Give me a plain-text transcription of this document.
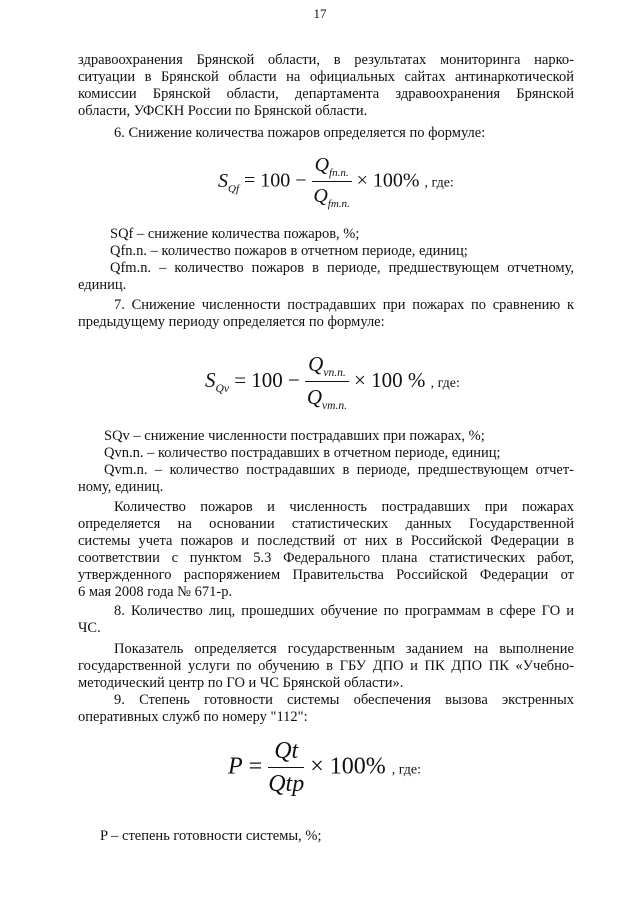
17
здравоохранения Брянской области, в результатах мониторинга нарко-
ситуации в Брянской области на официальных сайтах антинаркотической
комиссии Брянской области, департамента здравоохранения Брянской
области, УФСКН России по Брянской области.
6. Снижение количества пожаров определяется по формуле:
$S_{Qf} = 100 - \frac{Q_{fn.n.}}{Q_{fm.n.}} \times 100\%$ , где:
SQf – снижение количества пожаров, %;
Qfn.n. – количество пожаров в отчетном периоде, единиц;
Qfm.n. – количество пожаров в периоде, предшествующем отчетному,
единиц.
7. Снижение численности пострадавших при пожарах по сравнению к
предыдущему периоду определяется по формуле:
$S_{Qv} = 100 - \frac{Q_{vn.n.}}{Q_{vm.n.}} \times 100$ % , где:
SQv – снижение численности пострадавших при пожарах, %;
Qvn.n. – количество пострадавших в отчетном периоде, единиц;
Qvm.n. – количество пострадавших в периоде, предшествующем отчет-
ному, единиц.
Количество пожаров и численность пострадавших при пожарах
определяется на основании статистических данных Государственной
системы учета пожаров и последствий от них в Российской Федерации в
соответствии с пунктом 5.3 Федерального плана статистических работ,
утвержденного распоряжением Правительства Российской Федерации от
6 мая 2008 года № 671-р.
8. Количество лиц, прошедших обучение по программам в сфере ГО и
ЧС.
Показатель определяется государственным заданием на выполнение
государственной услуги по обучению в ГБУ ДПО и ПК ДПО ПК «Учебно-
методический центр по ГО и ЧС Брянской области».
9. Степень готовности системы обеспечения вызова экстренных
оперативных служб по номеру "112":
$P = \frac{Qt}{\text{Qtp}} \times 100\%$ , где:
P – степень готовности системы, %;
